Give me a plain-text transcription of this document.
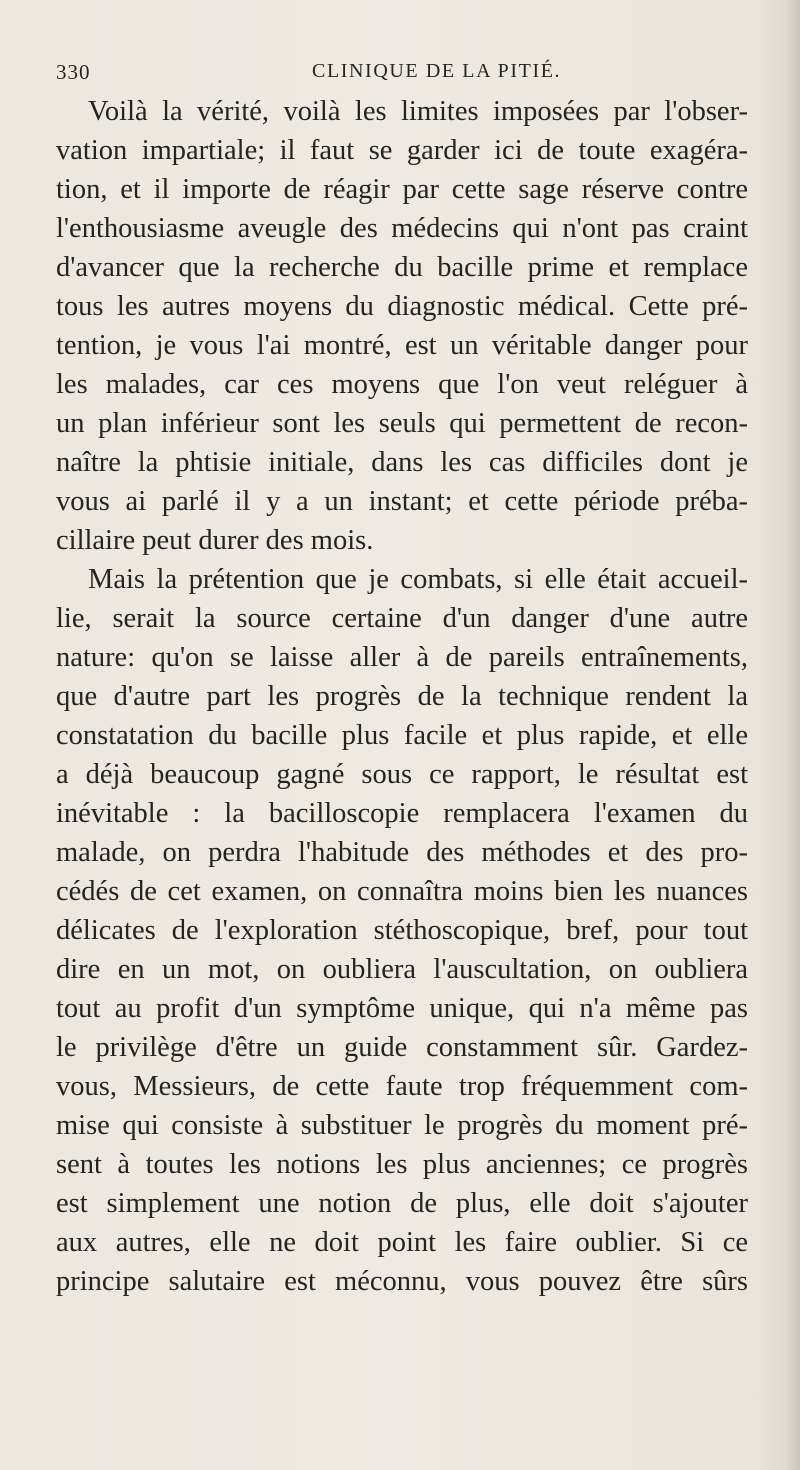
330	CLINIQUE DE LA PITIÉ.
Voilà la vérité, voilà les limites imposées par l'obser-
vation impartiale; il faut se garder ici de toute exagéra-
tion, et il importe de réagir par cette sage réserve contre
l'enthousiasme aveugle des médecins qui n'ont pas craint
d'avancer que la recherche du bacille prime et remplace
tous les autres moyens du diagnostic médical. Cette pré-
tention, je vous l'ai montré, est un véritable danger pour
les malades, car ces moyens que l'on veut reléguer à
un plan inférieur sont les seuls qui permettent de recon-
naître la phtisie initiale, dans les cas difficiles dont je
vous ai parlé il y a un instant; et cette période préba-
cillaire peut durer des mois.
Mais la prétention que je combats, si elle était accueil-
lie, serait la source certaine d'un danger d'une autre
nature: qu'on se laisse aller à de pareils entraînements,
que d'autre part les progrès de la technique rendent la
constatation du bacille plus facile et plus rapide, et elle
a déjà beaucoup gagné sous ce rapport, le résultat est
inévitable : la bacilloscopie remplacera l'examen du
malade, on perdra l'habitude des méthodes et des pro-
cédés de cet examen, on connaîtra moins bien les nuances
délicates de l'exploration stéthoscopique, bref, pour tout
dire en un mot, on oubliera l'auscultation, on oubliera
tout au profit d'un symptôme unique, qui n'a même pas
le privilège d'être un guide constamment sûr. Gardez-
vous, Messieurs, de cette faute trop fréquemment com-
mise qui consiste à substituer le progrès du moment pré-
sent à toutes les notions les plus anciennes; ce progrès
est simplement une notion de plus, elle doit s'ajouter
aux autres, elle ne doit point les faire oublier. Si ce
principe salutaire est méconnu, vous pouvez être sûrs
